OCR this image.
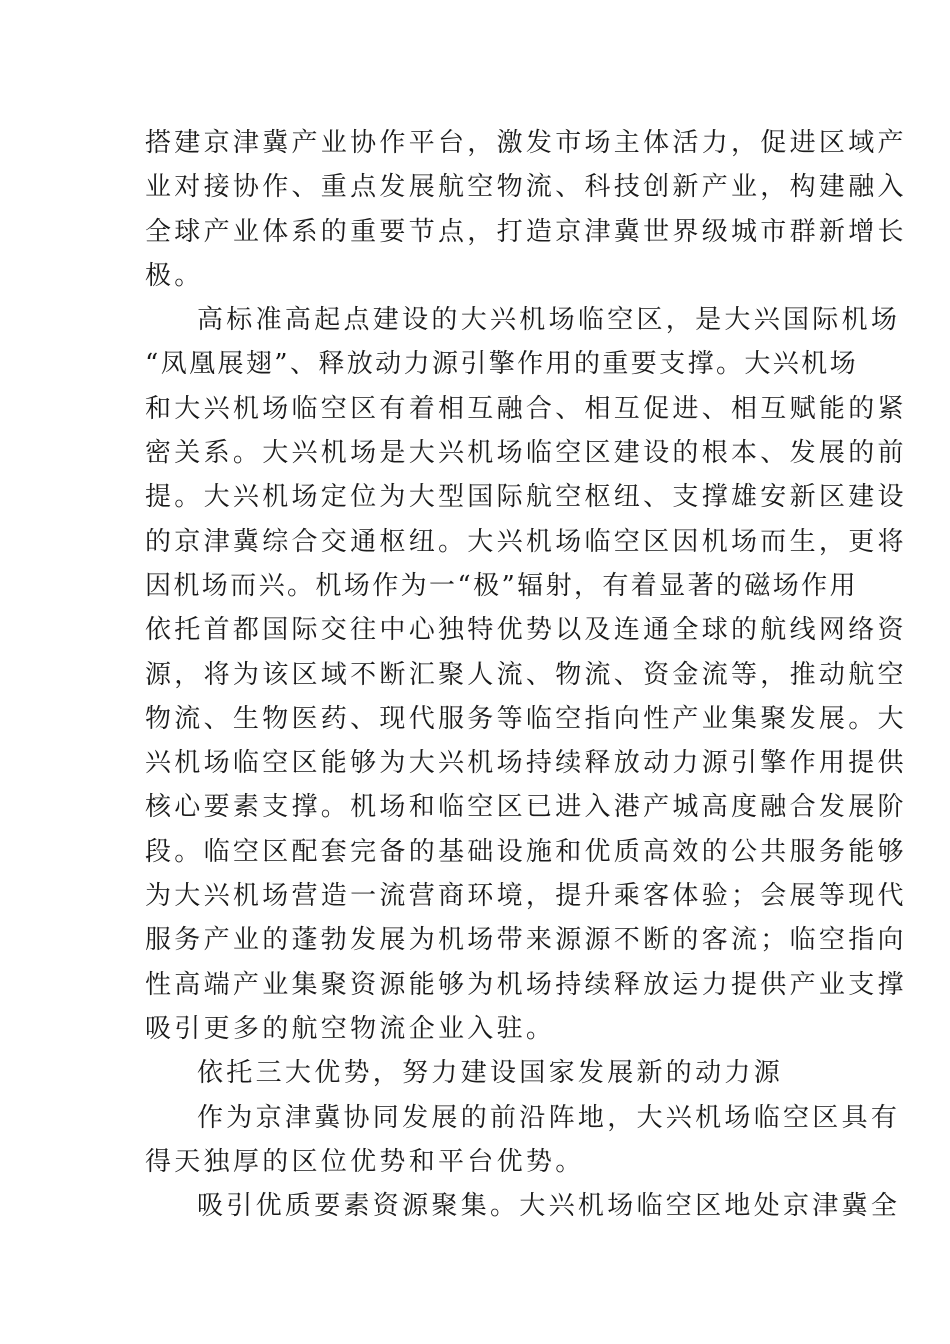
搭建京津冀产业协作平台，激发市场主体活力，促进区域产
业对接协作、重点发展航空物流、科技创新产业，构建融入
全球产业体系的重要节点，打造京津冀世界级城市群新增长
极。
高标准高起点建设的大兴机场临空区，是大兴国际机场
“凤凰展翅”、释放动力源引擎作用的重要支撑。大兴机场
和大兴机场临空区有着相互融合、相互促进、相互赋能的紧
密关系。大兴机场是大兴机场临空区建设的根本、发展的前
提。大兴机场定位为大型国际航空枢纽、支撑雄安新区建设
的京津冀综合交通枢纽。大兴机场临空区因机场而生，更将
因机场而兴。机场作为一“极”辐射，有着显著的磁场作用
依托首都国际交往中心独特优势以及连通全球的航线网络资
源，将为该区域不断汇聚人流、物流、资金流等，推动航空
物流、生物医药、现代服务等临空指向性产业集聚发展。大
兴机场临空区能够为大兴机场持续释放动力源引擎作用提供
核心要素支撑。机场和临空区已进入港产城高度融合发展阶
段。临空区配套完备的基础设施和优质高效的公共服务能够
为大兴机场营造一流营商环境，提升乘客体验；会展等现代
服务产业的蓬勃发展为机场带来源源不断的客流；临空指向
性高端产业集聚资源能够为机场持续释放运力提供产业支撑
吸引更多的航空物流企业入驻。
依托三大优势，努力建设国家发展新的动力源
作为京津冀协同发展的前沿阵地，大兴机场临空区具有
得天独厚的区位优势和平台优势。
吸引优质要素资源聚集。大兴机场临空区地处京津冀全
